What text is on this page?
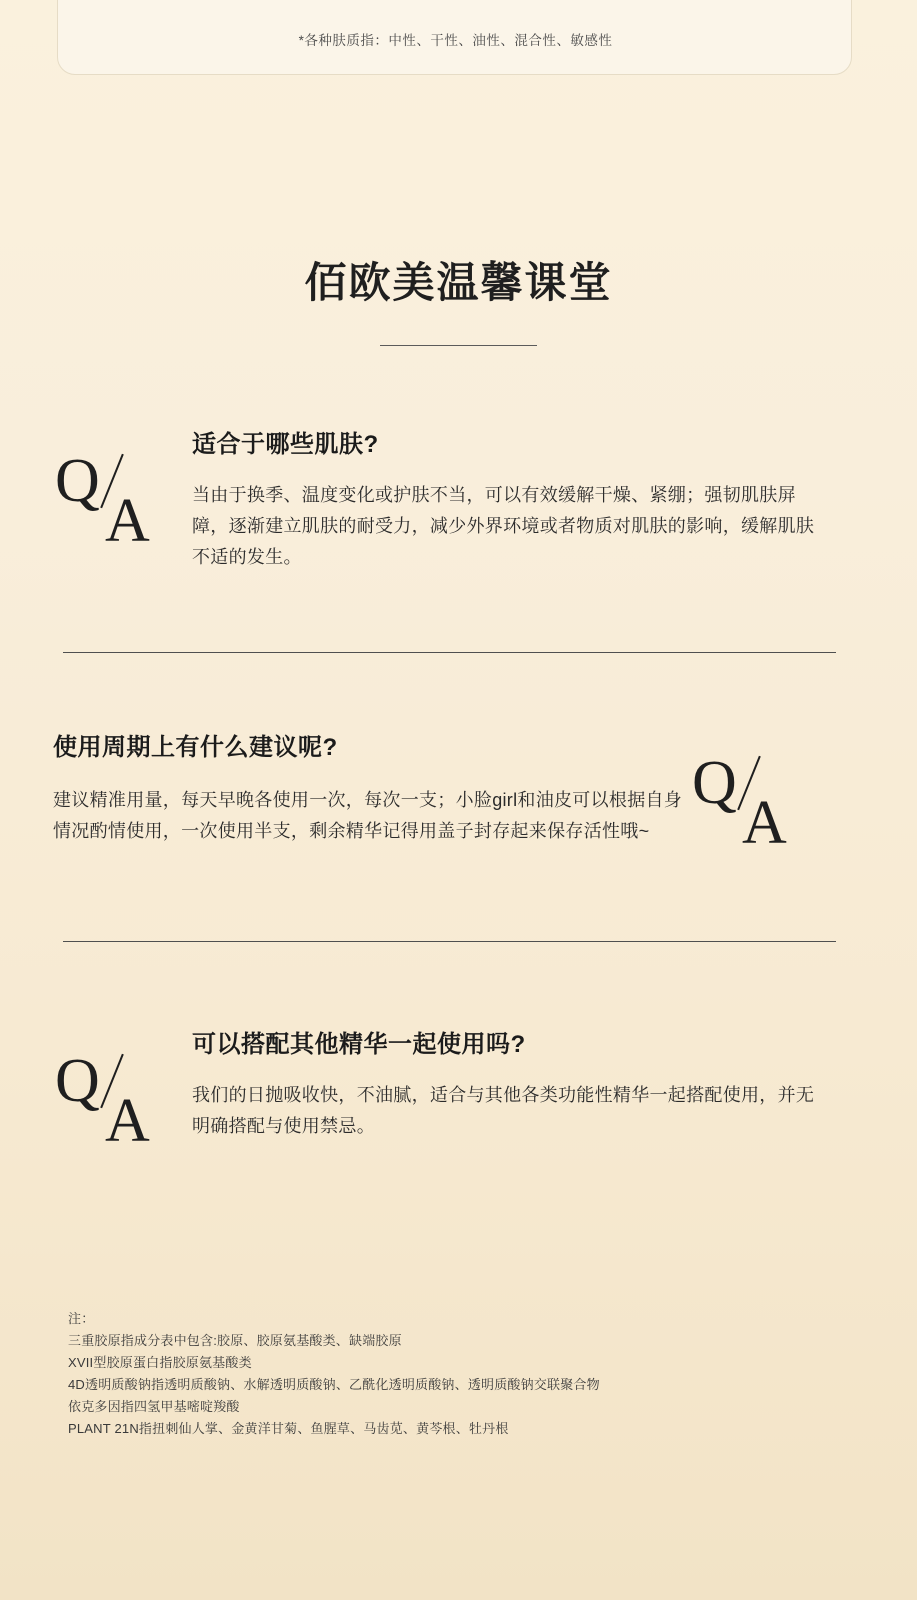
*各种肤质指：中性、干性、油性、混合性、敏感性
佰欧美温馨课堂
Q
A
适合于哪些肌肤?
当由于换季、温度变化或护肤不当，可以有效缓解干燥、紧绷；强韧肌肤屏障，逐渐建立肌肤的耐受力，减少外界环境或者物质对肌肤的影响，缓解肌肤不适的发生。
Q
A
使用周期上有什么建议呢?
建议精准用量，每天早晚各使用一次，每次一支；小脸girl和油皮可以根据自身情况酌情使用，一次使用半支，剩余精华记得用盖子封存起来保存活性哦~
Q
A
可以搭配其他精华一起使用吗?
我们的日抛吸收快，不油腻，适合与其他各类功能性精华一起搭配使用，并无明确搭配与使用禁忌。
注：
三重胶原指成分表中包含:胶原、胶原氨基酸类、缺端胶原
XVII型胶原蛋白指胶原氨基酸类
4D透明质酸钠指透明质酸钠、水解透明质酸钠、乙酰化透明质酸钠、透明质酸钠交联聚合物
依克多因指四氢甲基嘧啶羧酸
PLANT 21N指扭刺仙人掌、金黄洋甘菊、鱼腥草、马齿苋、黄芩根、牡丹根
